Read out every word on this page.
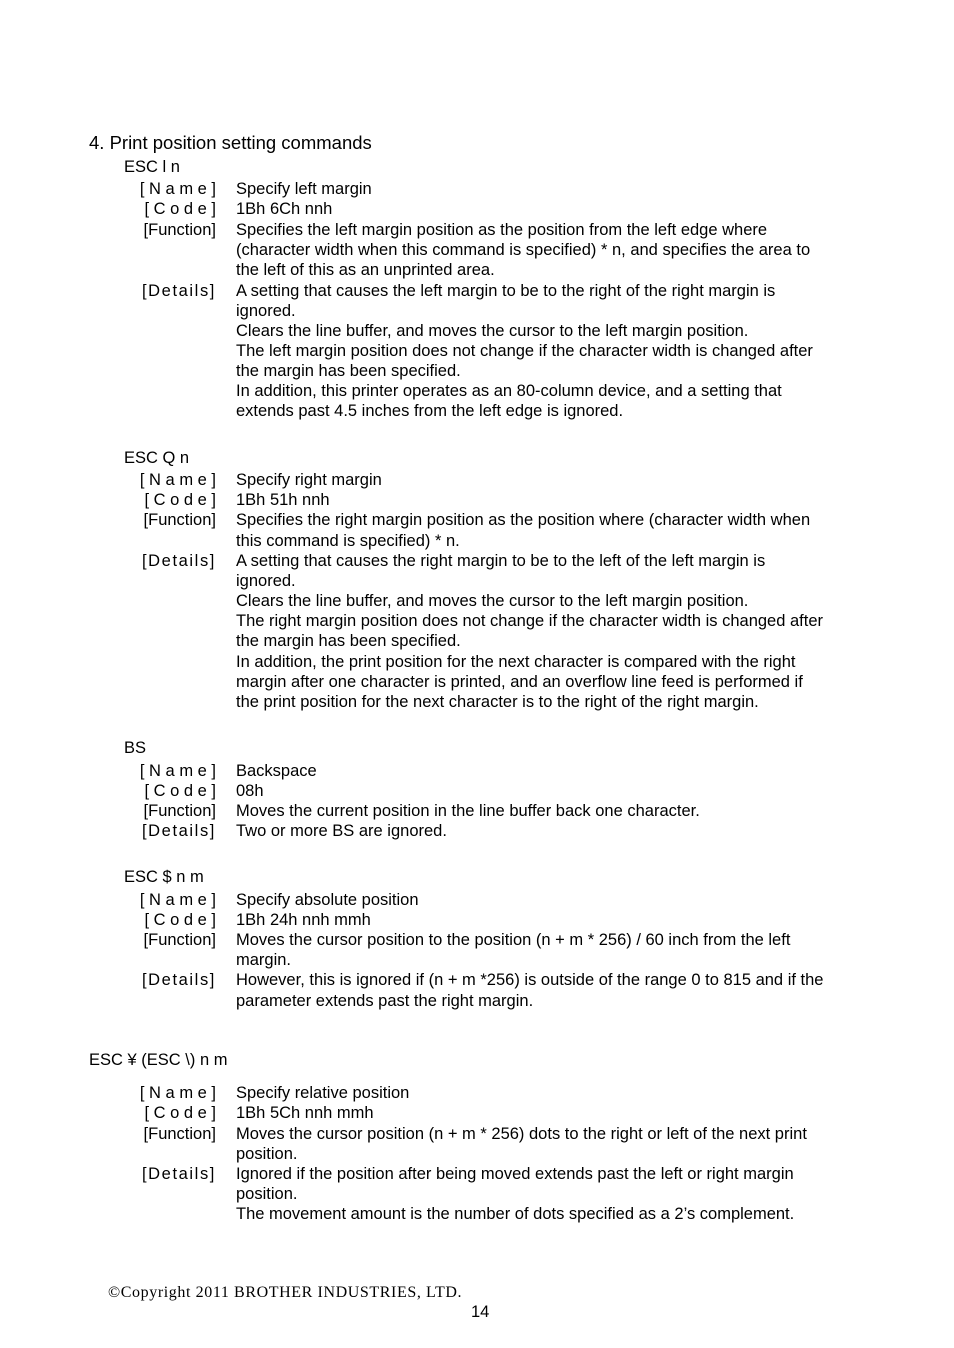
4. Print position setting commands
ESC l n
[ N a m e ] Specify left margin
[ C o d e ] 1Bh 6Ch nnh
[Function] Specifies the left margin position as the position from the left edge where
(character width when this command is specified) * n, and specifies the area to
the left of this as an unprinted area.
[Details] A setting that causes the left margin to be to the right of the right margin is
ignored.
Clears the line buffer, and moves the cursor to the left margin position.
The left margin position does not change if the character width is changed after
the margin has been specified.
In addition, this printer operates as an 80-column device, and a setting that
extends past 4.5 inches from the left edge is ignored.
ESC Q n
[ N a m e ] Specify right margin
[ C o d e ] 1Bh 51h nnh
[Function] Specifies the right margin position as the position where (character width when
this command is specified) * n.
[Details] A setting that causes the right margin to be to the left of the left margin is
ignored.
Clears the line buffer, and moves the cursor to the left margin position.
The right margin position does not change if the character width is changed after
the margin has been specified.
In addition, the print position for the next character is compared with the right
margin after one character is printed, and an overflow line feed is performed if
the print position for the next character is to the right of the right margin.
BS
[ N a m e ] Backspace
[ C o d e ] 08h
[Function] Moves the current position in the line buffer back one character.
[Details] Two or more BS are ignored.
ESC $ n m
[ N a m e ] Specify absolute position
[ C o d e ] 1Bh 24h nnh mmh
[Function] Moves the cursor position to the position (n + m * 256) / 60 inch from the left
margin.
[Details] However, this is ignored if (n + m *256) is outside of the range 0 to 815 and if the
parameter extends past the right margin.
ESC ¥ (ESC \) n m
[ N a m e ] Specify relative position
[ C o d e ] 1Bh 5Ch nnh mmh
[Function] Moves the cursor position (n + m * 256) dots to the right or left of the next print
position.
[Details] Ignored if the position after being moved extends past the left or right margin
position.
The movement amount is the number of dots specified as a 2’s complement.
©Copyright 2011 BROTHER INDUSTRIES, LTD.
14
